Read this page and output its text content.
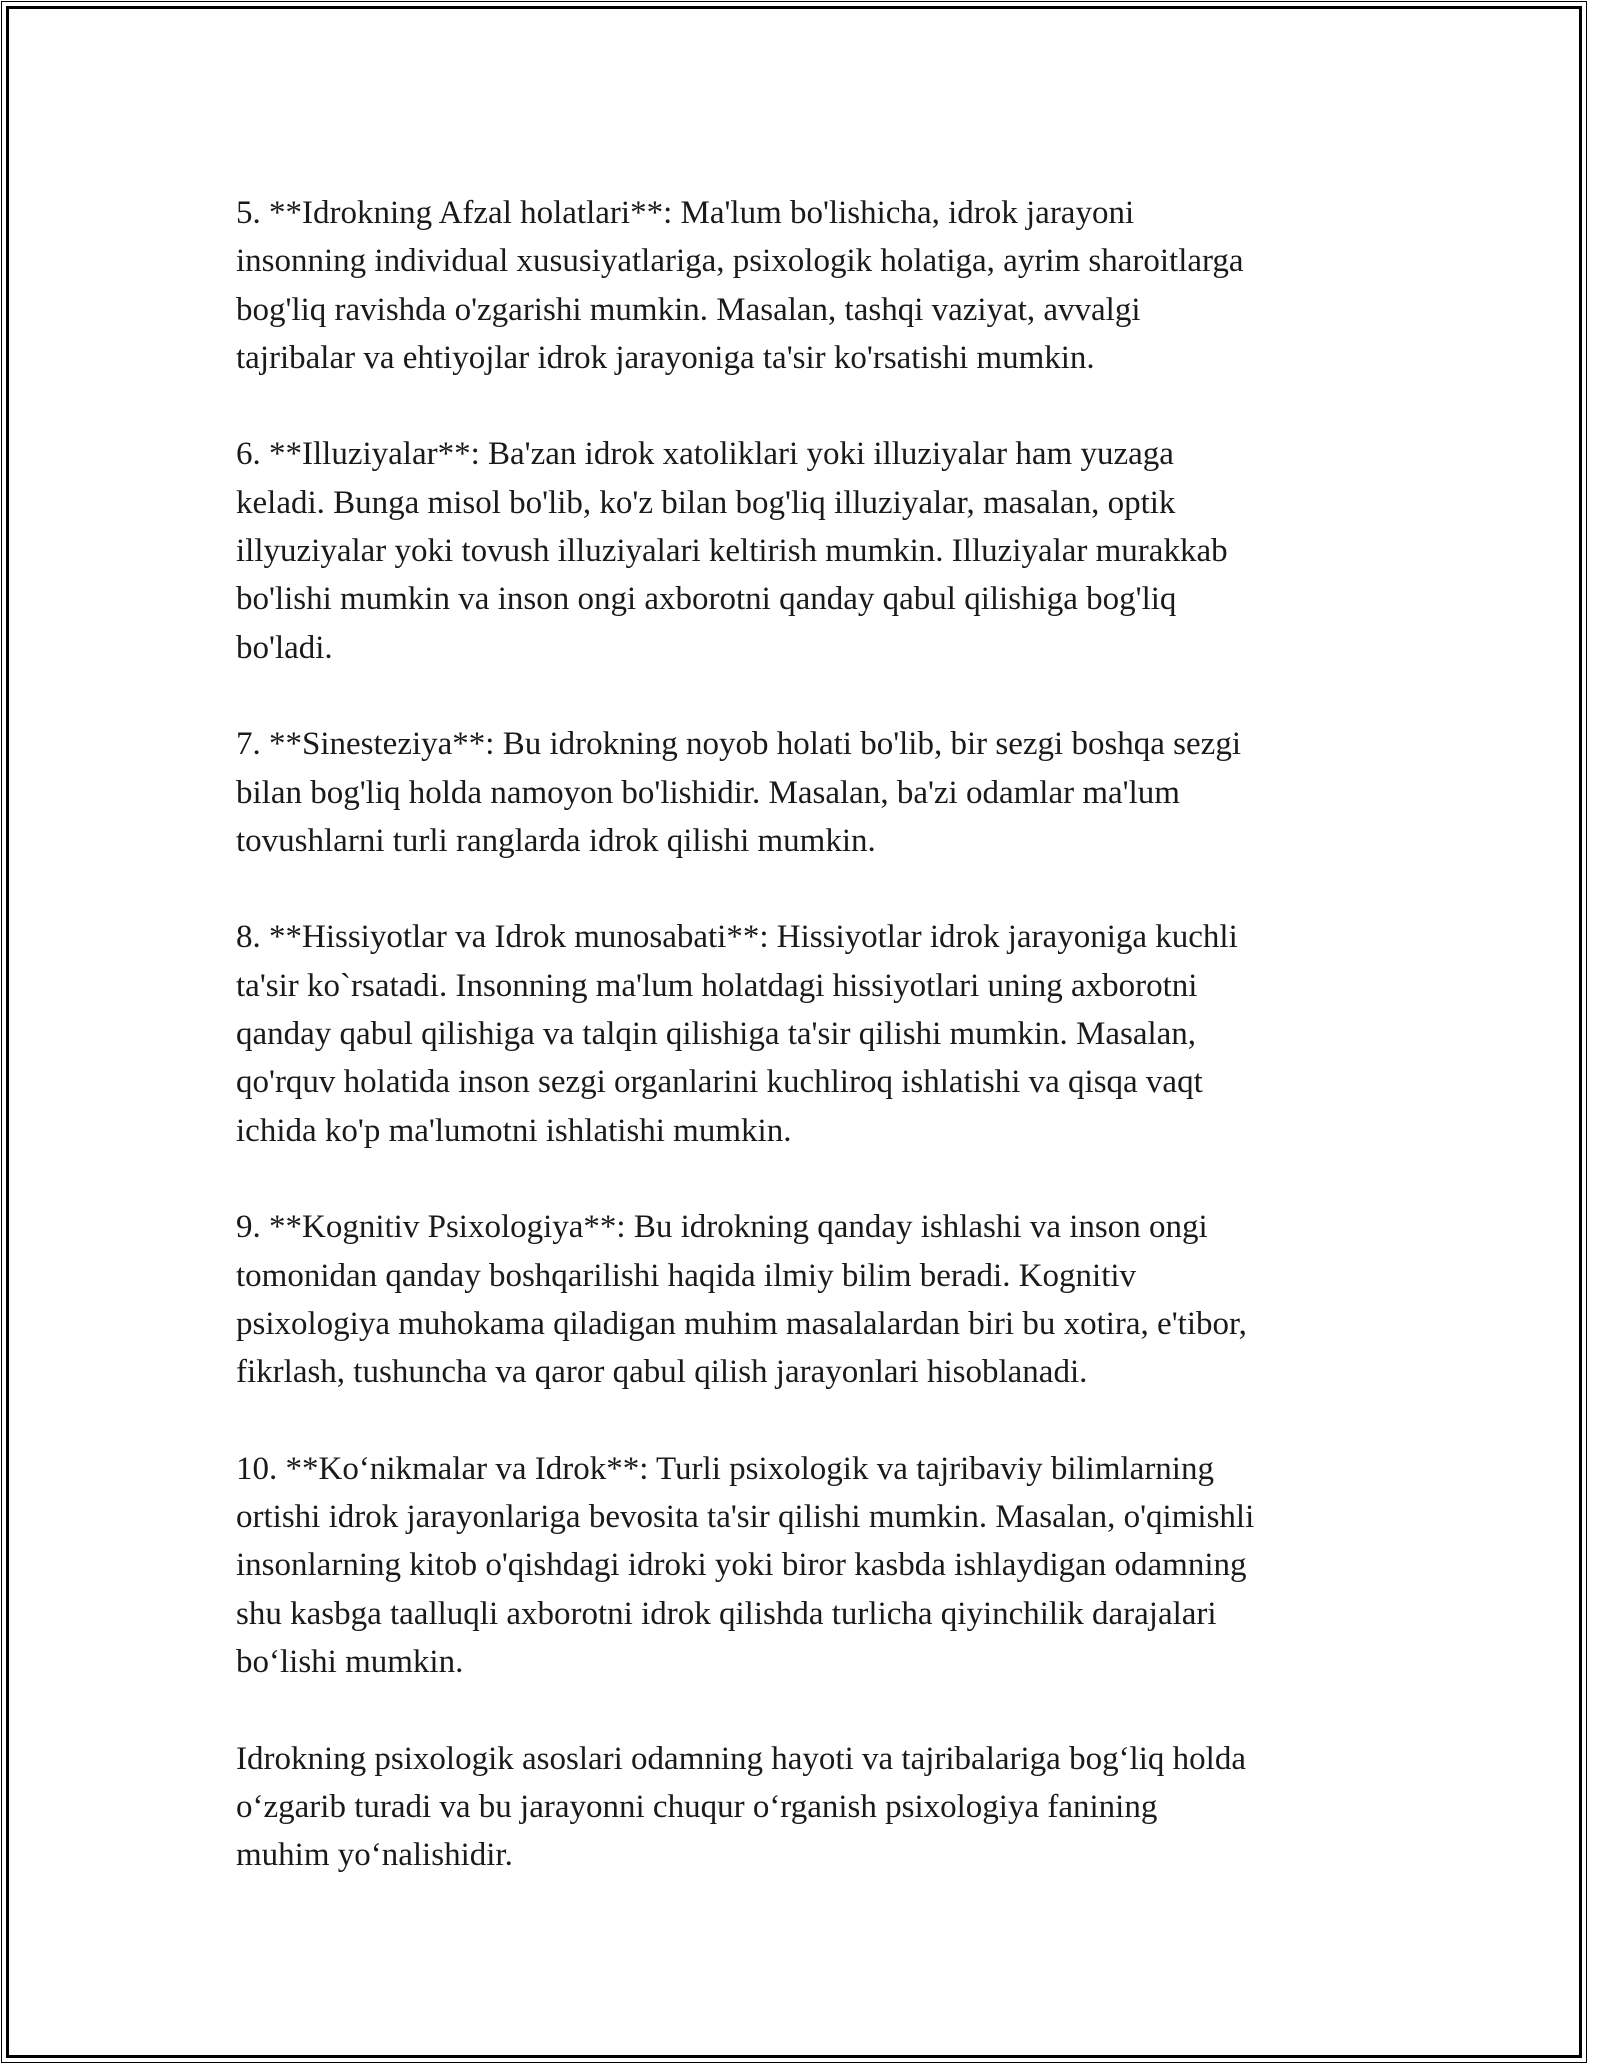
5. **Idrokning Afzal holatlari**: Ma'lum bo'lishicha, idrok jarayoni
insonning individual xususiyatlariga, psixologik holatiga, ayrim sharoitlarga
bog'liq ravishda o'zgarishi mumkin. Masalan, tashqi vaziyat, avvalgi
tajribalar va ehtiyojlar idrok jarayoniga ta'sir ko'rsatishi mumkin.

6. **Illuziyalar**: Ba'zan idrok xatoliklari yoki illuziyalar ham yuzaga
keladi. Bunga misol bo'lib, ko'z bilan bog'liq illuziyalar, masalan, optik
illyuziyalar yoki tovush illuziyalari keltirish mumkin. Illuziyalar murakkab
bo'lishi mumkin va inson ongi axborotni qanday qabul qilishiga bog'liq
bo'ladi.

7. **Sinesteziya**: Bu idrokning noyob holati bo'lib, bir sezgi boshqa sezgi
bilan bog'liq holda namoyon bo'lishidir. Masalan, ba'zi odamlar ma'lum
tovushlarni turli ranglarda idrok qilishi mumkin.

8. **Hissiyotlar va Idrok munosabati**: Hissiyotlar idrok jarayoniga kuchli
ta'sir ko`rsatadi. Insonning ma'lum holatdagi hissiyotlari uning axborotni
qanday qabul qilishiga va talqin qilishiga ta'sir qilishi mumkin. Masalan,
qo'rquv holatida inson sezgi organlarini kuchliroq ishlatishi va qisqa vaqt
ichida ko'p ma'lumotni ishlatishi mumkin.

9. **Kognitiv Psixologiya**: Bu idrokning qanday ishlashi va inson ongi
tomonidan qanday boshqarilishi haqida ilmiy bilim beradi. Kognitiv
psixologiya muhokama qiladigan muhim masalalardan biri bu xotira, e'tibor,
fikrlash, tushuncha va qaror qabul qilish jarayonlari hisoblanadi.

10. **Ko‘nikmalar va Idrok**: Turli psixologik va tajribaviy bilimlarning
ortishi idrok jarayonlariga bevosita ta'sir qilishi mumkin. Masalan, o'qimishli
insonlarning kitob o'qishdagi idroki yoki biror kasbda ishlaydigan odamning
shu kasbga taalluqli axborotni idrok qilishda turlicha qiyinchilik darajalari
bo‘lishi mumkin.

Idrokning psixologik asoslari odamning hayoti va tajribalariga bog‘liq holda
o‘zgarib turadi va bu jarayonni chuqur o‘rganish psixologiya fanining
muhim yo‘nalishidir.
